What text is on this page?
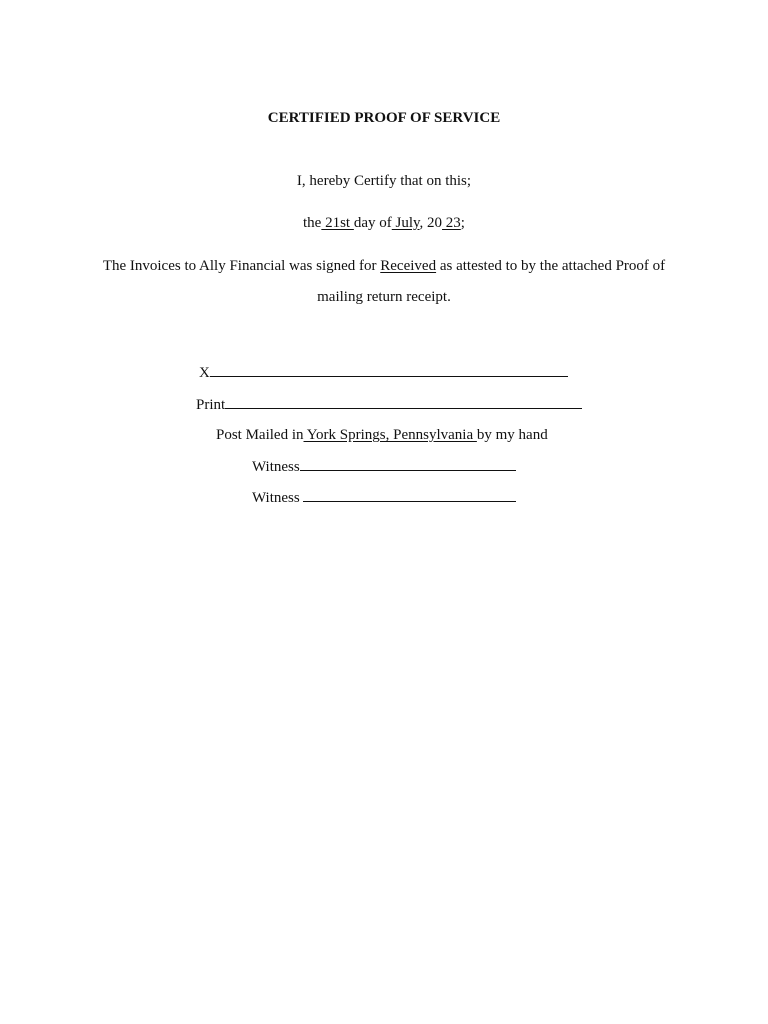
CERTIFIED PROOF OF SERVICE
I, hereby Certify that on this;
the 21st day of July, 20 23;
The Invoices to Ally Financial was signed for Received as attested to by the attached Proof of
mailing return receipt.
X
Print
Post Mailed in York Springs, Pennsylvania by my hand
Witness
Witness
